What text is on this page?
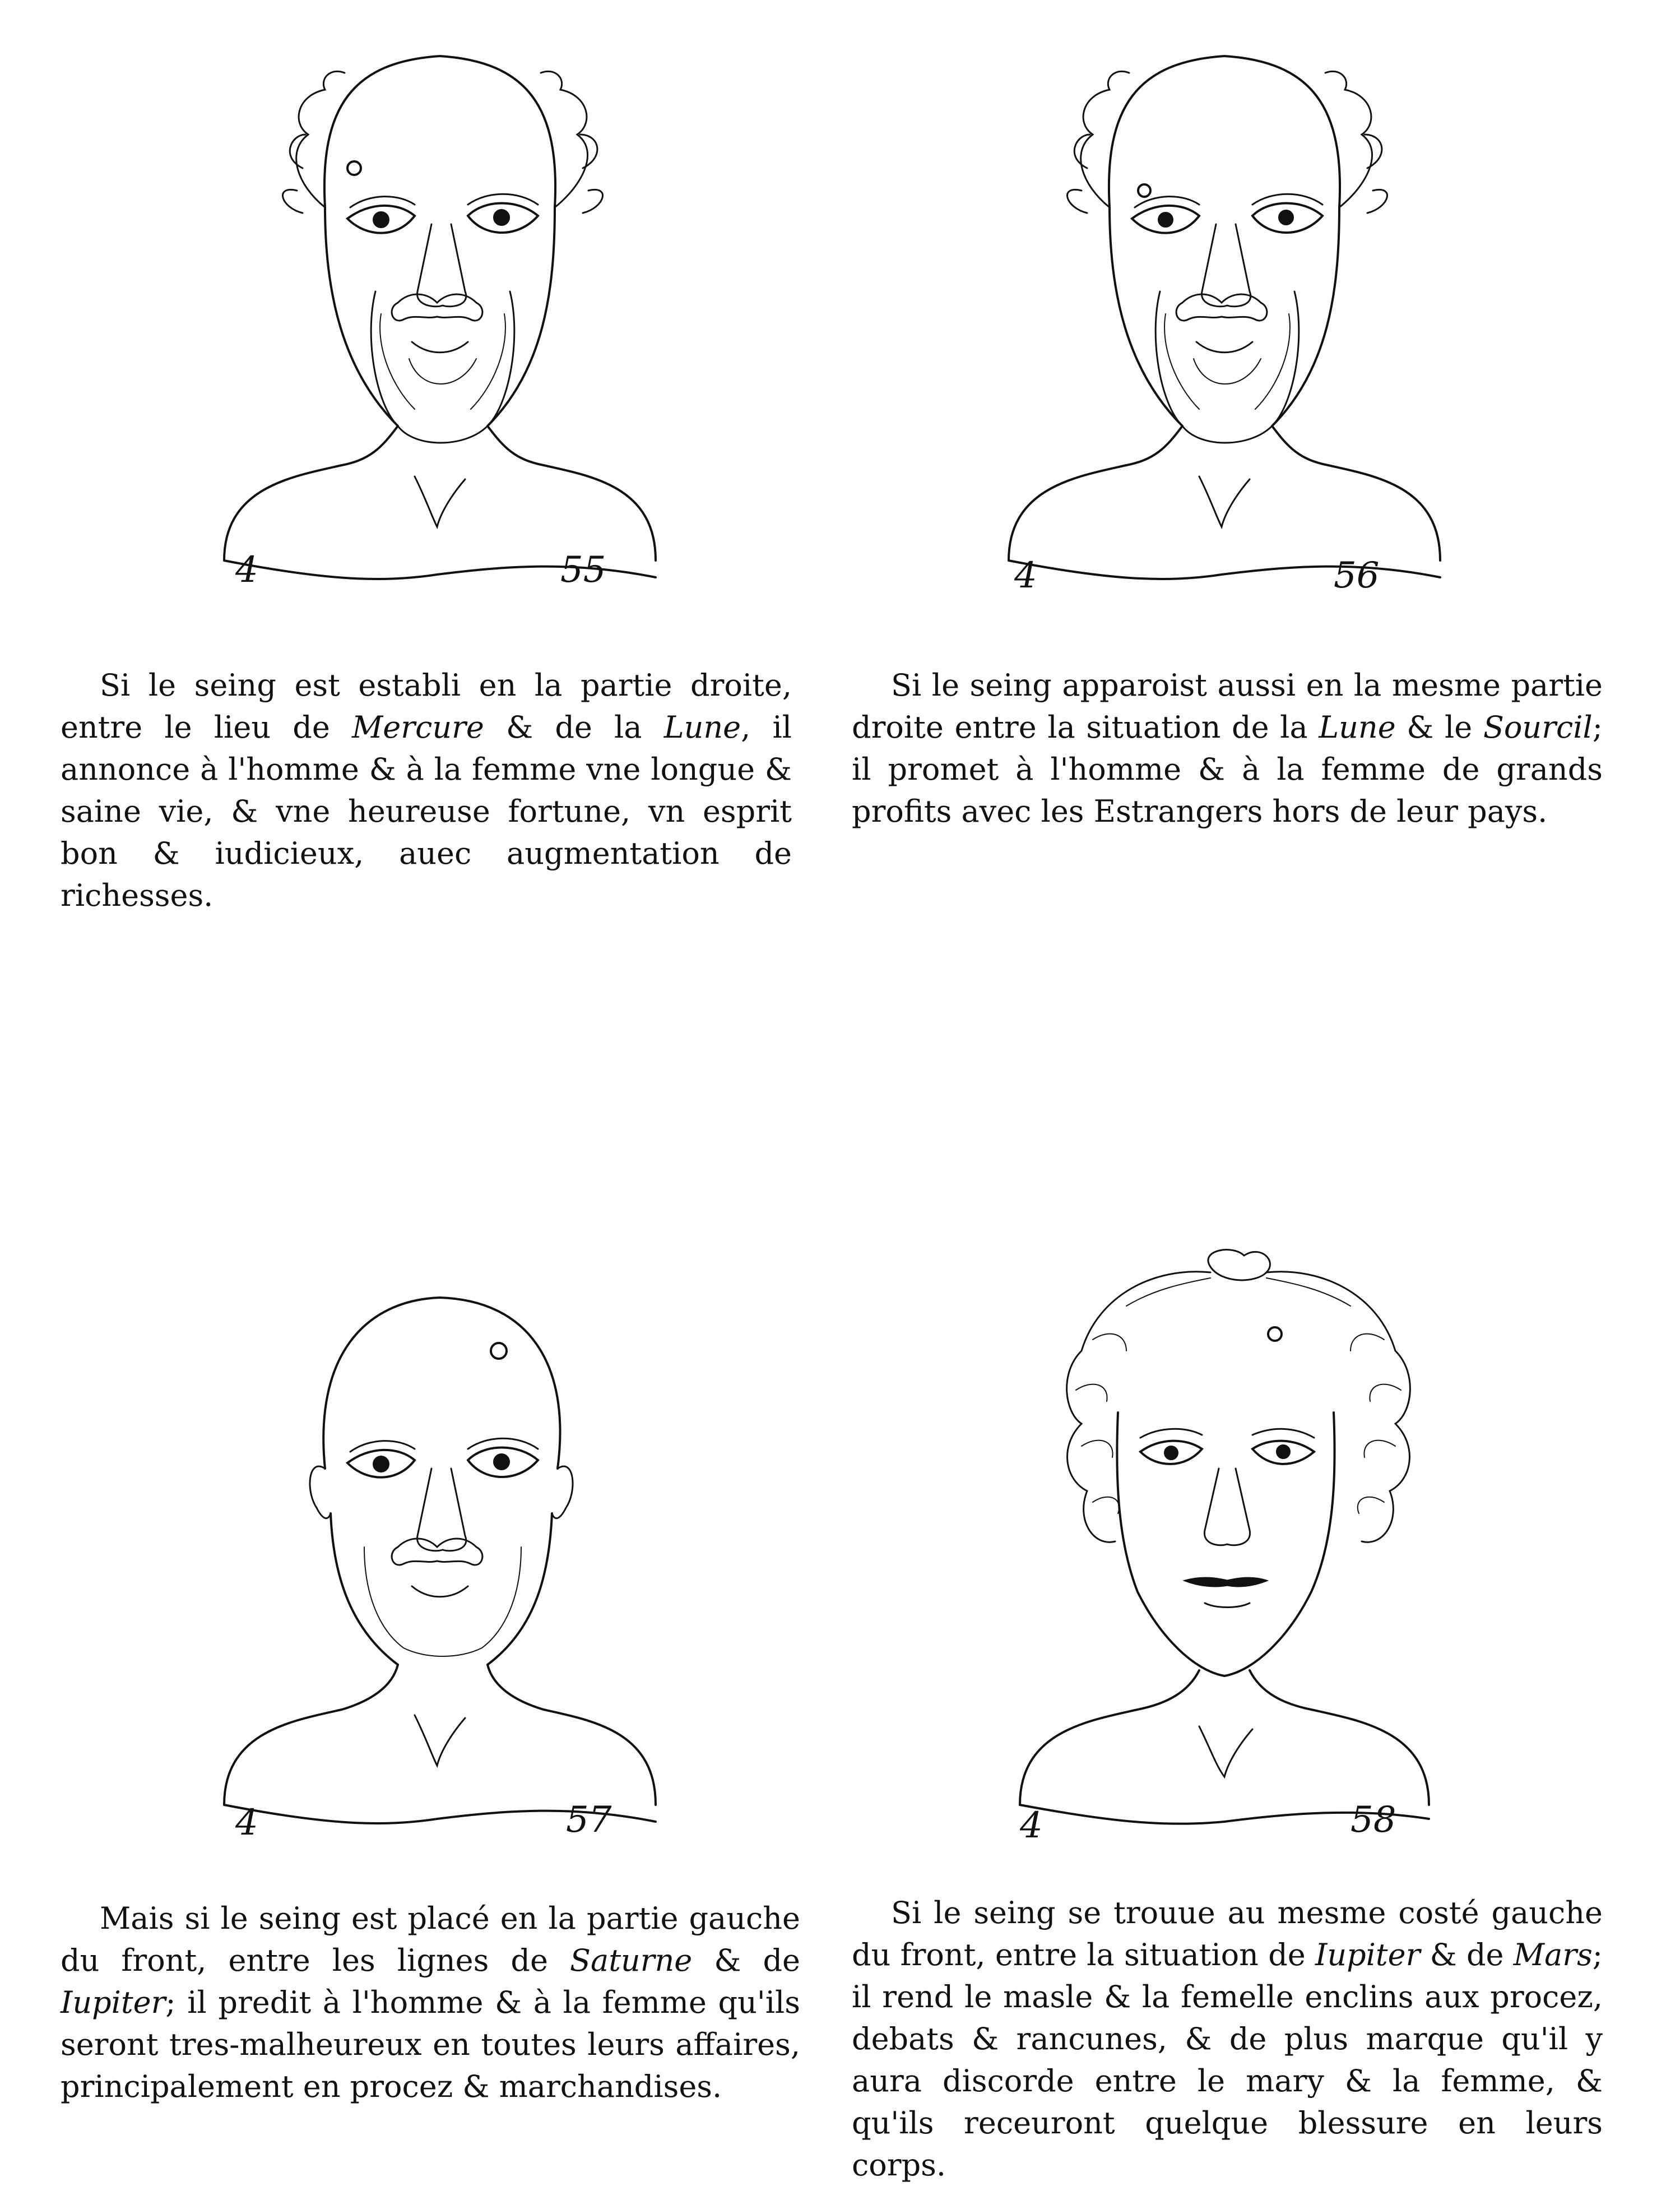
4	55

Si le seing est establi en la partie droite, entre le lieu de Mercure & de la Lune, il annonce à l'homme & à la femme vne longue & saine vie, & vne heureuse fortune, vn esprit bon & iudicieux, auec augmentation de richesses.

4	56

Si le seing apparoist aussi en la mesme partie droite entre la situation de la Lune & le Sourcil; il promet à l'homme & à la femme de grands profits avec les Estrangers hors de leur pays.

4	57

Mais si le seing est placé en la partie gauche du front, entre les lignes de Saturne & de Iupiter; il predit à l'homme & à la femme qu'ils seront tres-malheureux en toutes leurs affaires, principalement en procez & marchandises.

4	58

Si le seing se trouue au mesme costé gauche du front, entre la situation de Iupiter & de Mars; il rend le masle & la femelle enclins aux procez, debats & rancunes, & de plus marque qu'il y aura discorde entre le mary & la femme, & qu'ils receuront quelque blessure en leurs corps.
